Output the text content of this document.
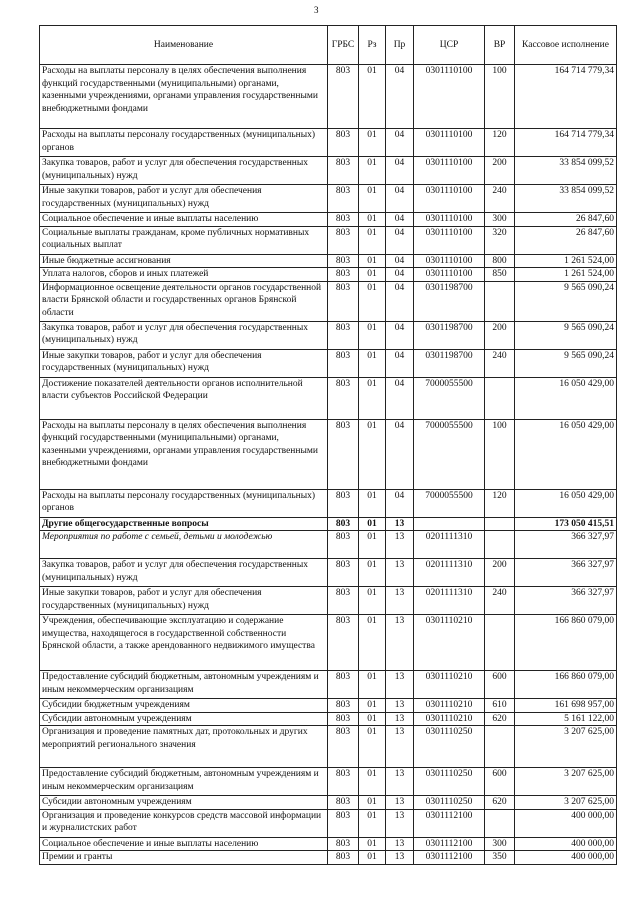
3
Наименование	ГРБС	Рз	Пр	ЦСР	ВР	Кассовое исполнение
Расходы на выплаты персоналу в целях обеспечения выполнения функций государственными (муниципальными) органами, казенными учреждениями, органами управления государственными внебюджетными фондами	803	01	04	0301110100	100	164 714 779,34
Расходы на выплаты персоналу государственных (муниципальных) органов	803	01	04	0301110100	120	164 714 779,34
Закупка товаров, работ и услуг для обеспечения государственных (муниципальных) нужд	803	01	04	0301110100	200	33 854 099,52
Иные закупки товаров, работ и услуг для обеспечения государственных (муниципальных) нужд	803	01	04	0301110100	240	33 854 099,52
Социальное обеспечение и иные выплаты населению	803	01	04	0301110100	300	26 847,60
Социальные выплаты гражданам, кроме публичных нормативных социальных выплат	803	01	04	0301110100	320	26 847,60
Иные бюджетные ассигнования	803	01	04	0301110100	800	1 261 524,00
Уплата налогов, сборов и иных платежей	803	01	04	0301110100	850	1 261 524,00
Информационное освещение деятельности органов государственной власти Брянской области и государственных органов Брянской области	803	01	04	0301198700		9 565 090,24
Закупка товаров, работ и услуг для обеспечения государственных (муниципальных) нужд	803	01	04	0301198700	200	9 565 090,24
Иные закупки товаров, работ и услуг для обеспечения государственных (муниципальных) нужд	803	01	04	0301198700	240	9 565 090,24
Достижение показателей деятельности органов исполнительной власти субъектов Российской Федерации	803	01	04	7000055500		16 050 429,00
Расходы на выплаты персоналу в целях обеспечения выполнения функций государственными (муниципальными) органами, казенными учреждениями, органами управления государственными внебюджетными фондами	803	01	04	7000055500	100	16 050 429,00
Расходы на выплаты персоналу государственных (муниципальных) органов	803	01	04	7000055500	120	16 050 429,00
Другие общегосударственные вопросы	803	01	13			173 050 415,51
Мероприятия по работе с семьей, детьми и молодежью	803	01	13	0201111310		366 327,97
Закупка товаров, работ и услуг для обеспечения государственных (муниципальных) нужд	803	01	13	0201111310	200	366 327,97
Иные закупки товаров, работ и услуг для обеспечения государственных (муниципальных) нужд	803	01	13	0201111310	240	366 327,97
Учреждения, обеспечивающие эксплуатацию и содержание имущества, находящегося в государственной собственности Брянской области, а также арендованного недвижимого имущества	803	01	13	0301110210		166 860 079,00
Предоставление субсидий бюджетным, автономным учреждениям и иным некоммерческим организациям	803	01	13	0301110210	600	166 860 079,00
Субсидии бюджетным учреждениям	803	01	13	0301110210	610	161 698 957,00
Субсидии автономным учреждениям	803	01	13	0301110210	620	5 161 122,00
Организация и проведение памятных дат, протокольных и других мероприятий регионального значения	803	01	13	0301110250		3 207 625,00
Предоставление субсидий бюджетным, автономным учреждениям и иным некоммерческим организациям	803	01	13	0301110250	600	3 207 625,00
Субсидии автономным учреждениям	803	01	13	0301110250	620	3 207 625,00
Организация и проведение конкурсов средств массовой информации и журналистских работ	803	01	13	0301112100		400 000,00
Социальное обеспечение и иные выплаты населению	803	01	13	0301112100	300	400 000,00
Премии и гранты	803	01	13	0301112100	350	400 000,00
